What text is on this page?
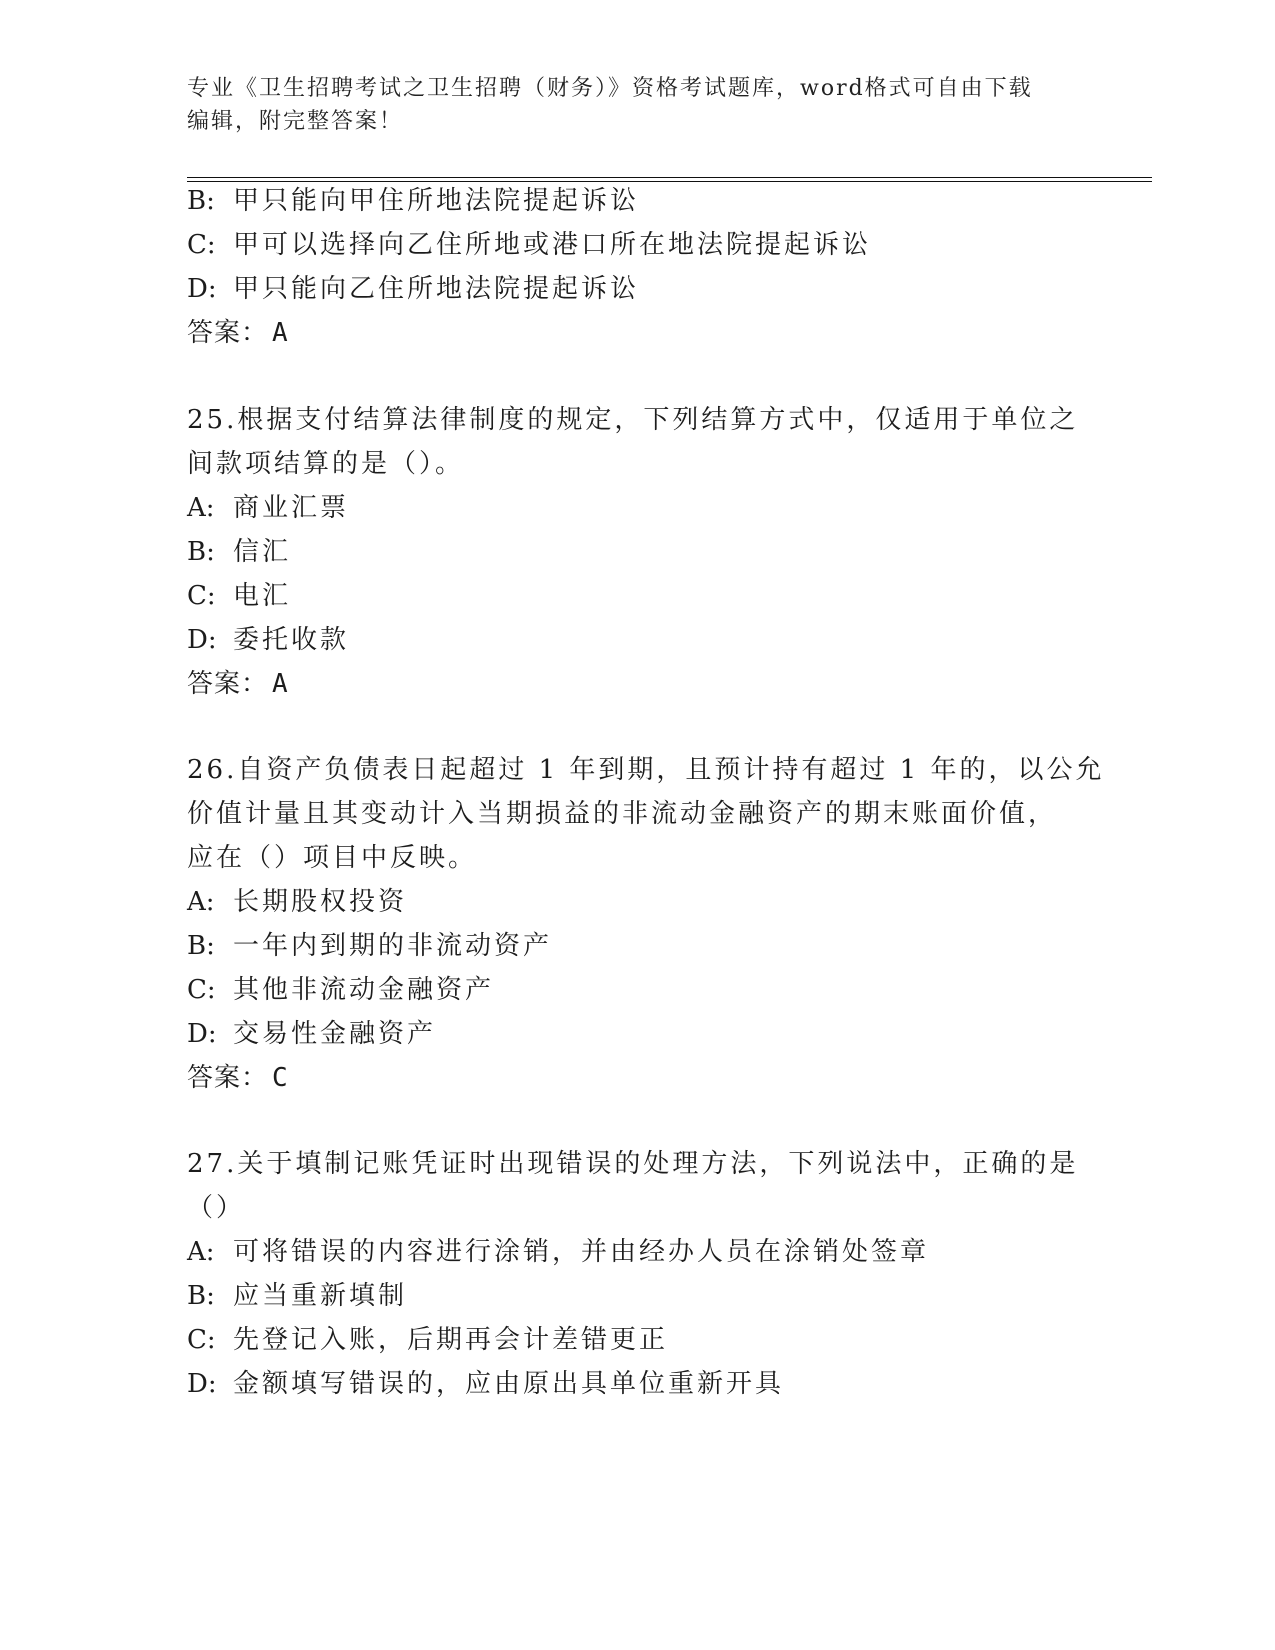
专业《卫生招聘考试之卫生招聘（财务）》资格考试题库，word格式可自由下载
编辑，附完整答案！
B: 甲只能向甲住所地法院提起诉讼
C: 甲可以选择向乙住所地或港口所在地法院提起诉讼
D: 甲只能向乙住所地法院提起诉讼
答案： A
25.根据支付结算法律制度的规定，下列结算方式中，仅适用于单位之
间款项结算的是（）。
A: 商业汇票
B: 信汇
C: 电汇
D: 委托收款
答案： A
26.自资产负债表日起超过 1 年到期，且预计持有超过 1 年的，以公允
价值计量且其变动计入当期损益的非流动金融资产的期末账面价值，
应在（）项目中反映。
A: 长期股权投资
B: 一年内到期的非流动资产
C: 其他非流动金融资产
D: 交易性金融资产
答案： C
27.关于填制记账凭证时出现错误的处理方法，下列说法中，正确的是
（）
A: 可将错误的内容进行涂销，并由经办人员在涂销处签章
B: 应当重新填制
C: 先登记入账，后期再会计差错更正
D: 金额填写错误的，应由原出具单位重新开具
